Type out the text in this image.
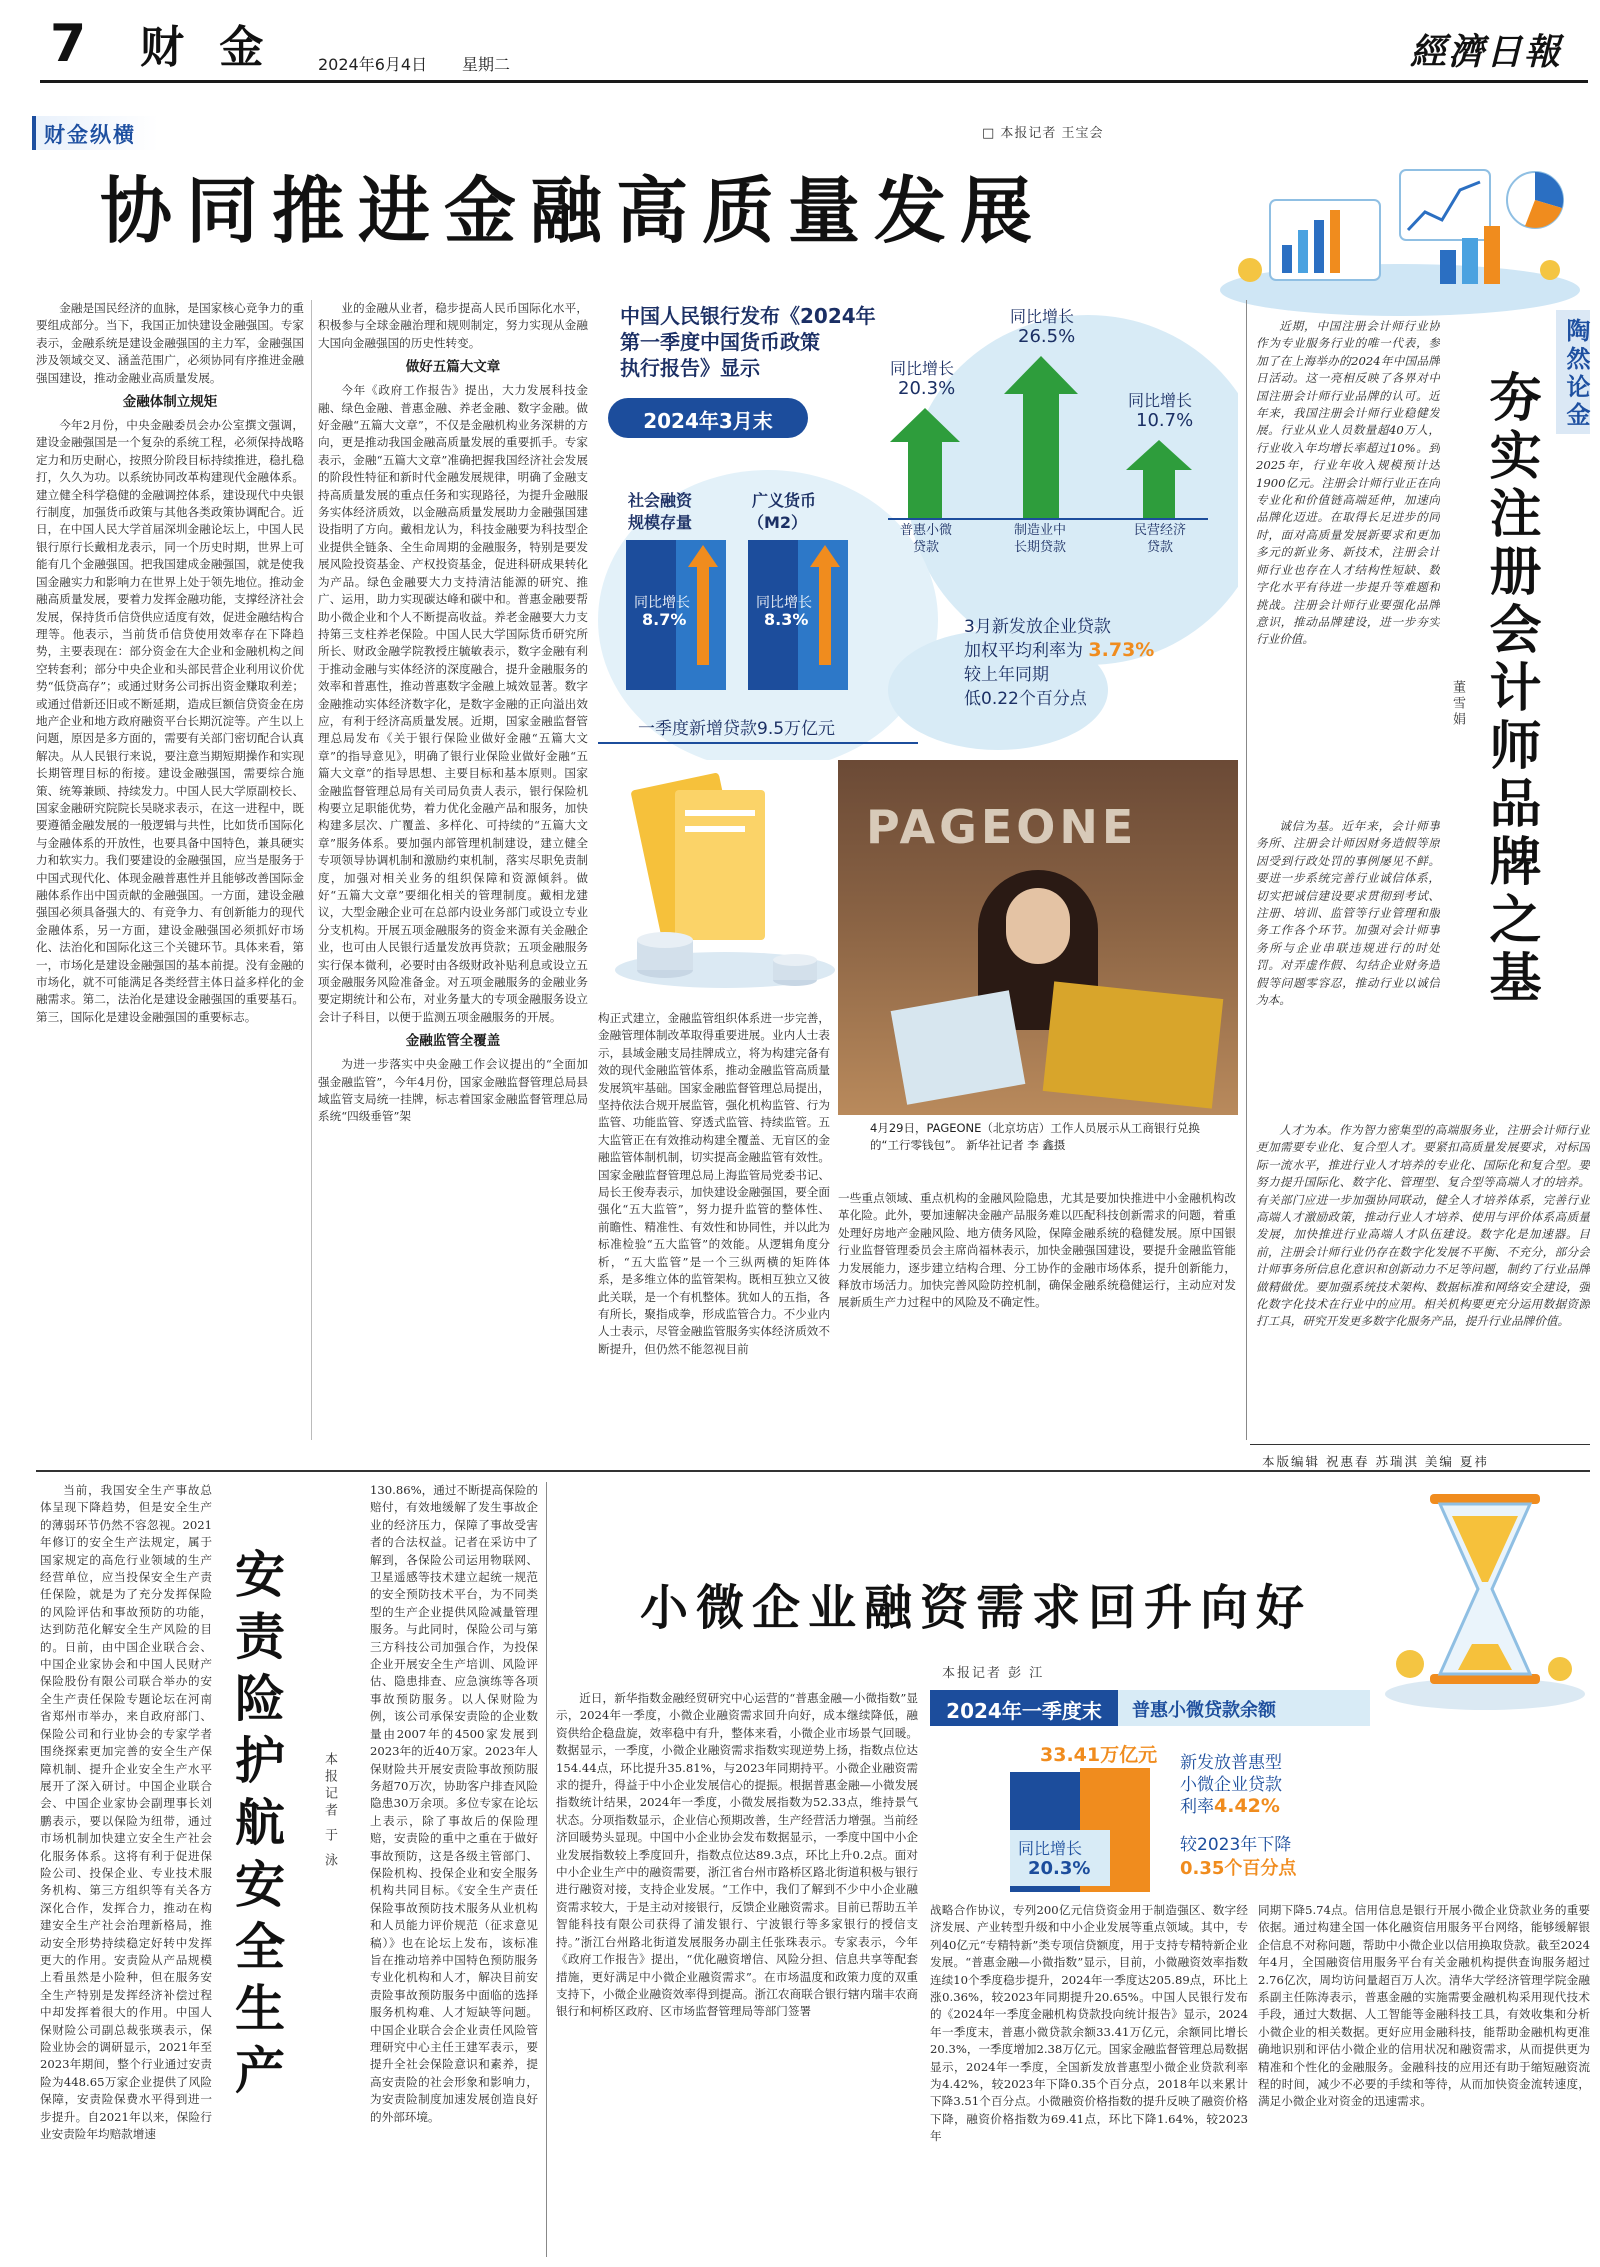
7 财 金	2024年6月4日 星期二	經濟日報
财金纵横	□ 本报记者 王宝会
协同推进金融高质量发展

金融是国民经济的血脉，是国家核心竞争力的重要组成部分。当下，我国正加快建设金融强国。专家表示，金融系统是建设金融强国的主力军，金融强国涉及领域交叉、涵盖范围广，必须协同有序推进金融强国建设，推动金融业高质量发展。

金融体制立规矩

今年2月份，中央金融委员会办公室撰文强调，建设金融强国是一个复杂的系统工程，必须保持战略定力和历史耐心，按照分阶段目标持续推进，稳扎稳打，久久为功。以系统协同改革构建现代金融体系。建立健全科学稳健的金融调控体系，建设现代中央银行制度，加强货币政策与其他各类政策协调配合。近日，在中国人民大学首届深圳金融论坛上，中国人民银行原行长戴相龙表示，同一个历史时期，世界上可能有几个金融强国。把我国建成金融强国，就是使我国金融实力和影响力在世界上处于领先地位。推动金融高质量发展，要着力发挥金融功能，支撑经济社会发展，保持货币信贷供应适度有效，促进金融结构合理等。他表示，当前货币信贷使用效率存在下降趋势，主要表现在：部分资金在大企业和金融机构之间空转套利；部分中央企业和头部民营企业利用议价优势“低贷高存”；或通过财务公司拆出资金赚取利差；或通过借新还旧或不断延期，造成巨额信贷资金在房地产企业和地方政府融资平台长期沉淀等。产生以上问题，原因是多方面的，需要有关部门密切配合认真解决。从人民银行来说，要注意当期短期操作和实现长期管理目标的衔接。建设金融强国，需要综合施策、统筹兼顾、持续发力。中国人民大学原副校长、国家金融研究院院长吴晓求表示，在这一进程中，既要遵循金融发展的一般逻辑与共性，比如货币国际化与金融体系的开放性，也要具备中国特色，兼具硬实力和软实力。我们要建设的金融强国，应当是服务于中国式现代化、体现金融普惠性并且能够改善国际金融体系作出中国贡献的金融强国。一方面，建设金融强国必须具备强大的、有竞争力、有创新能力的现代金融体系，另一方面，建设金融强国必须抓好市场化、法治化和国际化这三个关键环节。具体来看，第一，市场化是建设金融强国的基本前提。没有金融的市场化，就不可能满足各类经营主体日益多样化的金融需求。第二，法治化是建设金融强国的重要基石。第三，国际化是建设金融强国的重要标志。

业的金融从业者，稳步提高人民币国际化水平，积极参与全球金融治理和规则制定，努力实现从金融大国向金融强国的历史性转变。

做好五篇大文章

今年《政府工作报告》提出，大力发展科技金融、绿色金融、普惠金融、养老金融、数字金融。做好金融“五篇大文章”，不仅是金融机构业务深耕的方向，更是推动我国金融高质量发展的重要抓手。专家表示，金融“五篇大文章”准确把握我国经济社会发展的阶段性特征和新时代金融发展规律，明确了金融支持高质量发展的重点任务和实现路径，为提升金融服务实体经济质效，以金融高质量发展助力金融强国建设指明了方向。戴相龙认为，科技金融要为科技型企业提供全链条、全生命周期的金融服务，特别是要发展风险投资基金、产权投资基金，促进科研成果转化为产品。绿色金融要大力支持清洁能源的研究、推广、运用，助力实现碳达峰和碳中和。普惠金融要帮助小微企业和个人不断提高收益。养老金融要大力支持第三支柱养老保险。中国人民大学国际货币研究所所长、财政金融学院教授庄毓敏表示，数字金融有利于推动金融与实体经济的深度融合，提升金融服务的效率和普惠性，推动普惠数字金融上城效显著。数字金融推动实体经济数字化，是数字金融的正向溢出效应，有利于经济高质量发展。近期，国家金融监督管理总局发布《关于银行保险业做好金融“五篇大文章”的指导意见》，明确了银行业保险业做好金融“五篇大文章”的指导思想、主要目标和基本原则。国家金融监督管理总局有关司局负责人表示，银行保险机构要立足职能优势，着力优化金融产品和服务，加快构建多层次、广覆盖、多样化、可持续的“五篇大文章”服务体系。要加强内部管理机制建设，建立健全专项领导协调机制和激励约束机制，落实尽职免责制度，加强对相关业务的组织保障和资源倾斜。做好“五篇大文章”要细化相关的管理制度。戴相龙建议，大型金融企业可在总部内设业务部门或设立专业分支机构。开展五项金融服务的资金来源有关金融企业，也可由人民银行适量发放再贷款；五项金融服务实行保本微利，必要时由各级财政补贴利息或设立五项金融服务风险准备金。对五项金融服务的金融业务要定期统计和公布，对业务量大的专项金融服务设立会计子科目，以便于监测五项金融服务的开展。

金融监管全覆盖

为进一步落实中央金融工作会议提出的“全面加强金融监管”，今年4月份，国家金融监督管理总局县域监管支局统一挂牌，标志着国家金融监督管理总局系统“四级垂管”架

中国人民银行发布《2024年
第一季度中国货币政策
执行报告》显示
2024年3月末
社会融资
规模存量
同比增长
8.7%
广义货币
（M2）
同比增长
8.3%
同比增长
20.3%
普惠小微贷款
同比增长
26.5%
制造业中长期贷款
同比增长
10.7%
民营经济贷款
3月新发放企业贷款
加权平均利率为 3.73%
较上年同期
低0.22个百分点
一季度新增贷款9.5万亿元
PAGEONE
4月29日，PAGEONE（北京坊店）工作人员展示从工商银行兑换的“工行零钱包”。 新华社记者 李 鑫摄

构正式建立，金融监管组织体系进一步完善，金融管理体制改革取得重要进展。业内人士表示，县域金融支局挂牌成立，将为构建完备有效的现代金融监管体系，推动金融监管高质量发展筑牢基础。国家金融监督管理总局提出，坚持依法合规开展监管，强化机构监管、行为监管、功能监管、穿透式监管、持续监管。五大监管正在有效推动构建全覆盖、无盲区的金融监管体制机制，切实提高金融监管有效性。国家金融监督管理总局上海监管局党委书记、局长王俊寿表示，加快建设金融强国，要全面强化“五大监管”，努力提升监管的整体性、前瞻性、精准性、有效性和协同性，并以此为标准检验“五大监管”的效能。从逻辑角度分析，“五大监管”是一个三纵两横的矩阵体系，是多维立体的监管架构。既相互独立又彼此关联，是一个有机整体。犹如人的五指，各有所长，聚指成拳，形成监管合力。不少业内人士表示，尽管金融监管服务实体经济质效不断提升，但仍然不能忽视目前

一些重点领域、重点机构的金融风险隐患，尤其是要加快推进中小金融机构改革化险。此外，要加速解决金融产品服务难以匹配科技创新需求的问题，着重处理好房地产金融风险、地方债务风险，保障金融系统的稳健发展。原中国银行业监督管理委员会主席尚福林表示，加快金融强国建设，要提升金融监管能力发展能力，逐步建立结构合理、分工协作的金融市场体系，提升创新能力，释放市场活力。加快完善风险防控机制，确保金融系统稳健运行，主动应对发展新质生产力过程中的风险及不确定性。

陶然论金
夯实注册会计师品牌之基
董雪娟

近期，中国注册会计师行业协作为专业服务行业的唯一代表，参加了在上海举办的2024年中国品牌日活动。这一亮相反映了各界对中国注册会计师行业品牌的认可。近年来，我国注册会计师行业稳健发展。行业从业人员数量超40万人，行业收入年均增长率超过10%。到2025年，行业年收入规模预计达1900亿元。注册会计师行业正在向专业化和价值链高端延伸，加速向品牌化迈进。在取得长足进步的同时，面对高质量发展新要求和更加多元的新业务、新技术，注册会计师行业也存在人才结构性短缺、数字化水平有待进一步提升等难题和挑战。注册会计师行业要强化品牌意识，推动品牌建设，进一步夯实行业价值。

诚信为基。近年来，会计师事务所、注册会计师因财务造假等原因受到行政处罚的事例屡见不鲜。要进一步系统完善行业诚信体系，切实把诚信建设要求贯彻到考试、注册、培训、监管等行业管理和服务工作各个环节。加强对会计师事务所与企业串联违规进行的时处罚。对弄虚作假、勾结企业财务造假等问题零容忍，推动行业以诚信为本。

人才为本。作为智力密集型的高端服务业，注册会计师行业更加需要专业化、复合型人才。要紧扣高质量发展要求，对标国际一流水平，推进行业人才培养的专业化、国际化和复合型。要努力提升国际化、数字化、管理型、复合型等高端人才的培养。有关部门应进一步加强协同联动，健全人才培养体系，完善行业高端人才激励政策，推动行业人才培养、使用与评价体系高质量发展，加快推进行业高端人才队伍建设。数字化是加速器。目前，注册会计师行业仍存在数字化发展不平衡、不充分，部分会计师事务所信息化意识和创新动力不足等问题，制约了行业品牌做精做优。要加强系统技术架构、数据标准和网络安全建设，强化数字化技术在行业中的应用。相关机构要更充分运用数据资源打工具，研究开发更多数字化服务产品，提升行业品牌价值。

本版编辑 祝惠春 苏瑞淇 美编 夏祎

当前，我国安全生产事故总体呈现下降趋势，但是安全生产的薄弱环节仍然不容忽视。2021年修订的安全生产法规定，属于国家规定的高危行业领域的生产经营单位，应当投保安全生产责任保险，就是为了充分发挥保险的风险评估和事故预防的功能，达到防范化解安全生产风险的目的。日前，由中国企业联合会、中国企业家协会和中国人民财产保险股份有限公司联合举办的安全生产责任保险专题论坛在河南省郑州市举办，来自政府部门、保险公司和行业协会的专家学者围绕探索更加完善的安全生产保障机制、提升企业安全生产水平展开了深入研讨。中国企业联合会、中国企业家协会副理事长刘鹏表示，要以保险为纽带，通过市场机制加快建立安全生产社会化服务体系。这将有利于促进保险公司、投保企业、专业技术服务机构、第三方组织等有关各方深化合作，发挥合力，推动在构建安全生产社会治理新格局，推动安全形势持续稳定好转中发挥更大的作用。安责险从产品规模上看虽然是小险种，但在服务安全生产特别是发挥经济补偿过程中却发挥着很大的作用。中国人保财险公司副总裁张瑛表示，保险业协会的调研显示，2021年至2023年期间，整个行业通过安责险为448.65万家企业提供了风险保障，安责险保费水平得到进一步提升。自2021年以来，保险行业安责险年均赔款增速

安责险护航安全生产	本报记者 于 泳

130.86%，通过不断提高保险的赔付，有效地缓解了发生事故企业的经济压力，保障了事故受害者的合法权益。记者在采访中了解到，各保险公司运用物联网、卫星遥感等技术建立起统一规范的安全预防技术平台，为不同类型的生产企业提供风险减量管理服务。与此同时，保险公司与第三方科技公司加强合作，为投保企业开展安全生产培训、风险评估、隐患排查、应急演练等各项事故预防服务。以人保财险为例，该公司承保安责险的企业数量由2007年的4500家发展到2023年的近40万家。2023年人保财险共开展安责险事故预防服务超70万次，协助客户排查风险隐患30万余项。多位专家在论坛上表示，除了事故后的保险理赔，安责险的重中之重在于做好事故预防，这是各级主管部门、保险机构、投保企业和安全服务机构共同目标。《安全生产责任保险事故预防技术服务从业机构和人员能力评价规范（征求意见稿）》也在论坛上发布，该标准旨在推动培养中国特色预防服务专业化机构和人才，解决目前安责险事故预防服务中面临的选择服务机构难、人才短缺等问题。中国企业联合会企业责任风险管理研究中心主任王建军表示，要提升全社会保险意识和素养，提高安责险的社会形象和影响力，为安责险制度加速发展创造良好的外部环境。

小微企业融资需求回升向好
本报记者 彭 江
2024年一季度末	普惠小微贷款余额
33.41万亿元
同比增长
20.3%
新发放普惠型
小微企业贷款
利率4.42%
较2023年下降
0.35个百分点

近日，新华指数金融经贸研究中心运营的“普惠金融—小微指数”显示，2024年一季度，小微企业融资需求回升向好，成本继续降低，融资供给企稳盘旋，效率稳中有升，整体来看，小微企业市场景气回暖。数据显示，一季度，小微企业融资需求指数实现逆势上扬，指数点位达154.44点，环比提升35.81%，与2023年同期持平。小微企业融资需求的提升，得益于中小企业发展信心的提振。根据普惠金融—小微发展指数统计结果，2024年一季度，小微发展指数为52.33点，维持景气状态。分项指数显示，企业信心预期改善，生产经营活力增强。当前经济回暖势头显现。中国中小企业协会发布数据显示，一季度中国中小企业发展指数较上季度回升，指数点位达89.3点，环比上升0.2点。面对中小企业生产中的融资需要，浙江省台州市路桥区路北街道积极与银行进行融资对接，支持企业发展。“工作中，我们了解到不少中小企业融资需求较大，于是主动对接银行，反馈企业融资需求。目前已帮助五羊智能科技有限公司获得了浦发银行、宁波银行等多家银行的授信支持。”浙江台州路北街道发展服务办副主任张珠表示。专家表示，今年《政府工作报告》提出，“优化融资增信、风险分担、信息共享等配套措施，更好满足中小微企业融资需求”。在市场温度和政策力度的双重支持下，小微企业融资效率得到提高。浙江农商联合银行辖内瑞丰农商银行和柯桥区政府、区市场监督管理局等部门签署

战略合作协议，专列200亿元信贷资金用于制造强区、数字经济发展、产业转型升级和中小企业发展等重点领域。其中，专列40亿元“专精特新”类专项信贷额度，用于支持专精特新企业发展。“普惠金融—小微指数”显示，目前，小微融资效率指数连续10个季度稳步提升，2024年一季度达205.89点，环比上涨0.36%，较2023年同期提升20.65%。中国人民银行发布的《2024年一季度金融机构贷款投向统计报告》显示，2024年一季度末，普惠小微贷款余额33.41万亿元，余额同比增长20.3%，一季度增加2.38万亿元。国家金融监督管理总局数据显示，2024年一季度，全国新发放普惠型小微企业贷款利率为4.42%，较2023年下降0.35个百分点，2018年以来累计下降3.51个百分点。小微融资价格指数的提升反映了融资价格下降，融资价格指数为69.41点，环比下降1.64%，较2023年

同期下降5.74点。信用信息是银行开展小微企业贷款业务的重要依据。通过构建全国一体化融资信用服务平台网络，能够缓解银企信息不对称问题，帮助中小微企业以信用换取贷款。截至2024年4月，全国融资信用服务平台有关金融机构提供查询服务超过2.76亿次，周均访问量超百万人次。清华大学经济管理学院金融系副主任陈涛表示，普惠金融的实施需要金融机构采用现代技术手段，通过大数据、人工智能等金融科技工具，有效收集和分析小微企业的相关数据。更好应用金融科技，能帮助金融机构更准确地识别和评估小微企业的信用状况和融资需求，从而提供更为精准和个性化的金融服务。金融科技的应用还有助于缩短融资流程的时间，减少不必要的手续和等待，从而加快资金流转速度，满足小微企业对资金的迅速需求。
